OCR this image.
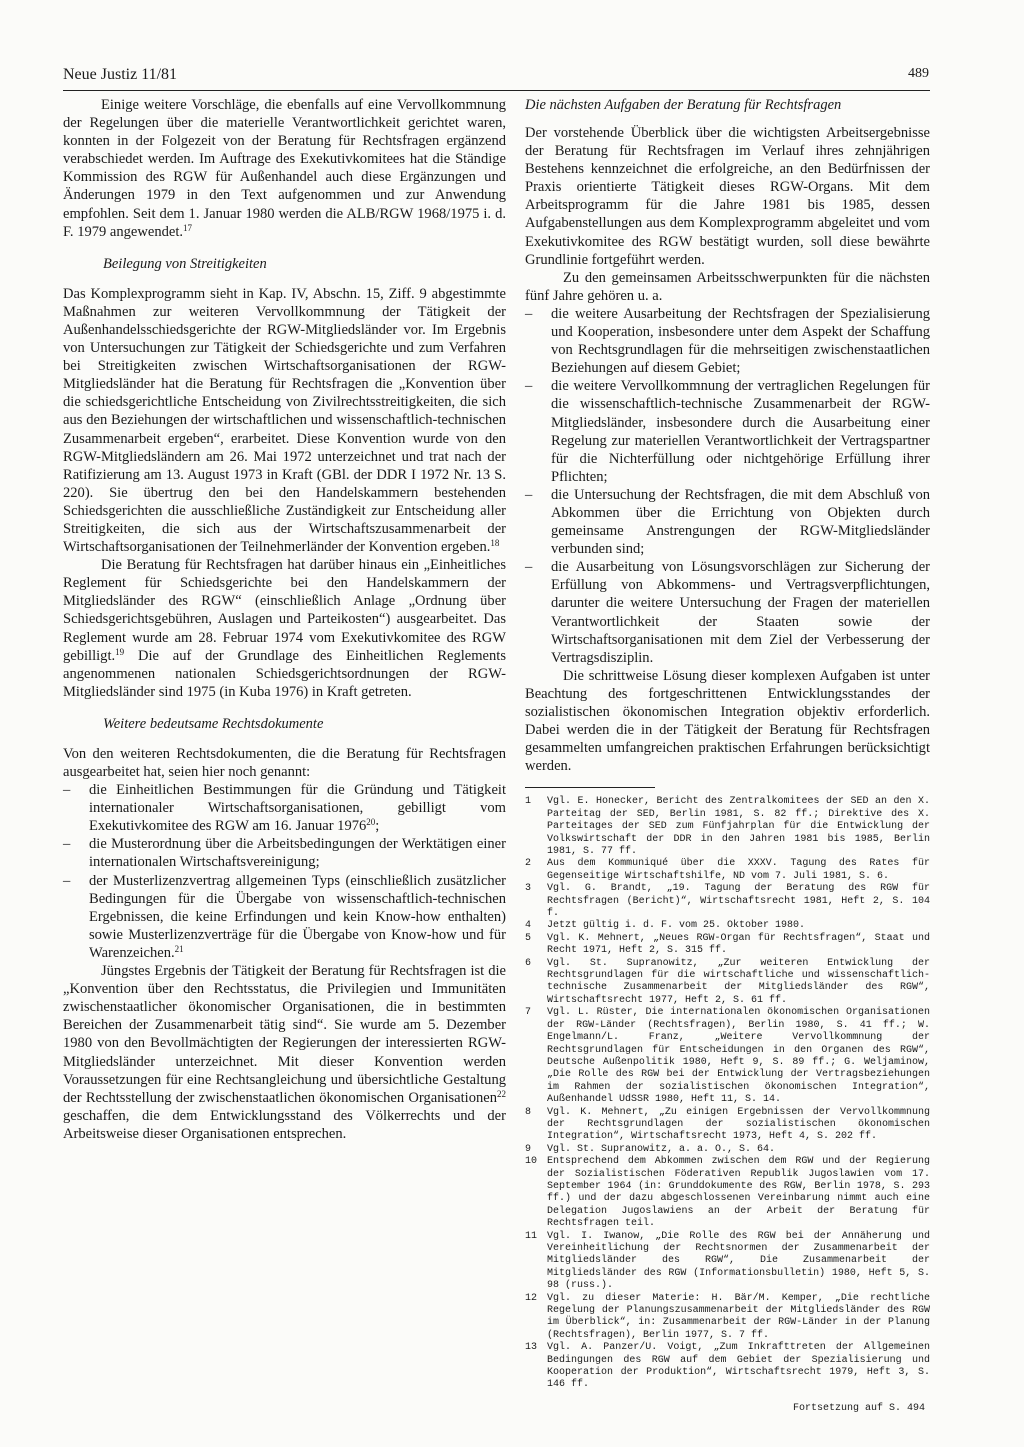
Neue Justiz 11/81	489

Einige weitere Vorschläge, die ebenfalls auf eine Vervollkommnung der Regelungen über die materielle Verantwortlichkeit gerichtet waren, konnten in der Folgezeit von der Beratung für Rechtsfragen ergänzend verabschiedet werden. Im Auftrage des Exekutivkomitees hat die Ständige Kommission des RGW für Außenhandel auch diese Ergänzungen und Änderungen 1979 in den Text aufgenommen und zur Anwendung empfohlen. Seit dem 1. Januar 1980 werden die ALB/RGW 1968/1975 i. d. F. 1979 angewendet.$^{17}$

Beilegung von Streitigkeiten

Das Komplexprogramm sieht in Kap. IV, Abschn. 15, Ziff. 9 abgestimmte Maßnahmen zur weiteren Vervollkommnung der Tätigkeit der Außenhandelsschiedsgerichte der RGW-Mitgliedsländer vor. Im Ergebnis von Untersuchungen zur Tätigkeit der Schiedsgerichte und zum Verfahren bei Streitigkeiten zwischen Wirtschaftsorganisationen der RGW-Mitgliedsländer hat die Beratung für Rechtsfragen die „Konvention über die schiedsgerichtliche Entscheidung von Zivilrechtsstreitigkeiten, die sich aus den Beziehungen der wirtschaftlichen und wissenschaftlich-technischen Zusammenarbeit ergeben“, erarbeitet. Diese Konvention wurde von den RGW-Mitgliedsländern am 26. Mai 1972 unterzeichnet und trat nach der Ratifizierung am 13. August 1973 in Kraft (GBl. der DDR I 1972 Nr. 13 S. 220). Sie übertrug den bei den Handelskammern bestehenden Schiedsgerichten die ausschließliche Zuständigkeit zur Entscheidung aller Streitigkeiten, die sich aus der Wirtschaftszusammenarbeit der Wirtschaftsorganisationen der Teilnehmerländer der Konvention ergeben.$^{18}$

Die Beratung für Rechtsfragen hat darüber hinaus ein „Einheitliches Reglement für Schiedsgerichte bei den Handelskammern der Mitgliedsländer des RGW“ (einschließlich Anlage „Ordnung über Schiedsgerichtsgebühren, Auslagen und Parteikosten“) ausgearbeitet. Das Reglement wurde am 28. Februar 1974 vom Exekutivkomitee des RGW gebilligt.$^{19}$ Die auf der Grundlage des Einheitlichen Reglements angenommenen nationalen Schiedsgerichtsordnungen der RGW-Mitgliedsländer sind 1975 (in Kuba 1976) in Kraft getreten.

Weitere bedeutsame Rechtsdokumente

Von den weiteren Rechtsdokumenten, die die Beratung für Rechtsfragen ausgearbeitet hat, seien hier noch genannt:

– die Einheitlichen Bestimmungen für die Gründung und Tätigkeit internationaler Wirtschaftsorganisationen, gebilligt vom Exekutivkomitee des RGW am 16. Januar 1976$^{20}$;
– die Musterordnung über die Arbeitsbedingungen der Werktätigen einer internationalen Wirtschaftsvereinigung;
– der Musterlizenzvertrag allgemeinen Typs (einschließlich zusätzlicher Bedingungen für die Übergabe von wissenschaftlich-technischen Ergebnissen, die keine Erfindungen und kein Know-how enthalten) sowie Musterlizenzverträge für die Übergabe von Know-how und für Warenzeichen.$^{21}$

Jüngstes Ergebnis der Tätigkeit der Beratung für Rechtsfragen ist die „Konvention über den Rechtsstatus, die Privilegien und Immunitäten zwischenstaatlicher ökonomischer Organisationen, die in bestimmten Bereichen der Zusammenarbeit tätig sind“. Sie wurde am 5. Dezember 1980 von den Bevollmächtigten der Regierungen der interessierten RGW-Mitgliedsländer unterzeichnet. Mit dieser Konvention werden Voraussetzungen für eine Rechtsangleichung und übersichtliche Gestaltung der Rechtsstellung der zwischenstaatlichen ökonomischen Organisationen$^{22}$ geschaffen, die dem Entwicklungsstand des Völkerrechts und der Arbeitsweise dieser Organisationen entsprechen.

Die nächsten Aufgaben der Beratung für Rechtsfragen

Der vorstehende Überblick über die wichtigsten Arbeitsergebnisse der Beratung für Rechtsfragen im Verlauf ihres zehnjährigen Bestehens kennzeichnet die erfolgreiche, an den Bedürfnissen der Praxis orientierte Tätigkeit dieses RGW-Organs. Mit dem Arbeitsprogramm für die Jahre 1981 bis 1985, dessen Aufgabenstellungen aus dem Komplexprogramm abgeleitet und vom Exekutivkomitee des RGW bestätigt wurden, soll diese bewährte Grundlinie fortgeführt werden.

Zu den gemeinsamen Arbeitsschwerpunkten für die nächsten fünf Jahre gehören u. a.

– die weitere Ausarbeitung der Rechtsfragen der Spezialisierung und Kooperation, insbesondere unter dem Aspekt der Schaffung von Rechtsgrundlagen für die mehrseitigen zwischenstaatlichen Beziehungen auf diesem Gebiet;
– die weitere Vervollkommnung der vertraglichen Regelungen für die wissenschaftlich-technische Zusammenarbeit der RGW-Mitgliedsländer, insbesondere durch die Ausarbeitung einer Regelung zur materiellen Verantwortlichkeit der Vertragspartner für die Nichterfüllung oder nichtgehörige Erfüllung ihrer Pflichten;
– die Untersuchung der Rechtsfragen, die mit dem Abschluß von Abkommen über die Errichtung von Objekten durch gemeinsame Anstrengungen der RGW-Mitgliedsländer verbunden sind;
– die Ausarbeitung von Lösungsvorschlägen zur Sicherung der Erfüllung von Abkommens- und Vertragsverpflichtungen, darunter die weitere Untersuchung der Fragen der materiellen Verantwortlichkeit der Staaten sowie der Wirtschaftsorganisationen mit dem Ziel der Verbesserung der Vertragsdisziplin.

Die schrittweise Lösung dieser komplexen Aufgaben ist unter Beachtung des fortgeschrittenen Entwicklungsstandes der sozialistischen ökonomischen Integration objektiv erforderlich. Dabei werden die in der Tätigkeit der Beratung für Rechtsfragen gesammelten umfangreichen praktischen Erfahrungen berücksichtigt werden.

1 Vgl. E. Honecker, Bericht des Zentralkomitees der SED an den X. Parteitag der SED, Berlin 1981, S. 82 ff.; Direktive des X. Parteitages der SED zum Fünfjahrplan für die Entwicklung der Volkswirtschaft der DDR in den Jahren 1981 bis 1985, Berlin 1981, S. 77 ff.
2 Aus dem Kommuniqué über die XXXV. Tagung des Rates für Gegenseitige Wirtschaftshilfe, ND vom 7. Juli 1981, S. 6.
3 Vgl. G. Brandt, „19. Tagung der Beratung des RGW für Rechtsfragen (Bericht)“, Wirtschaftsrecht 1981, Heft 2, S. 104 f.
4 Jetzt gültig i. d. F. vom 25. Oktober 1980.
5 Vgl. K. Mehnert, „Neues RGW-Organ für Rechtsfragen“, Staat und Recht 1971, Heft 2, S. 315 ff.
6 Vgl. St. Supranowitz, „Zur weiteren Entwicklung der Rechtsgrundlagen für die wirtschaftliche und wissenschaftlich-technische Zusammenarbeit der Mitgliedsländer des RGW“, Wirtschaftsrecht 1977, Heft 2, S. 61 ff.
7 Vgl. L. Rüster, Die internationalen ökonomischen Organisationen der RGW-Länder (Rechtsfragen), Berlin 1980, S. 41 ff.; W. Engelmann/L. Franz, „Weitere Vervollkommnung der Rechtsgrundlagen für Entscheidungen in den Organen des RGW“, Deutsche Außenpolitik 1980, Heft 9, S. 89 ff.; G. Weljaminow, „Die Rolle des RGW bei der Entwicklung der Vertragsbeziehungen im Rahmen der sozialistischen ökonomischen Integration“, Außenhandel UdSSR 1980, Heft 11, S. 14.
8 Vgl. K. Mehnert, „Zu einigen Ergebnissen der Vervollkommnung der Rechtsgrundlagen der sozialistischen ökonomischen Integration“, Wirtschaftsrecht 1973, Heft 4, S. 202 ff.
9 Vgl. St. Supranowitz, a. a. O., S. 64.
10 Entsprechend dem Abkommen zwischen dem RGW und der Regierung der Sozialistischen Föderativen Republik Jugoslawien vom 17. September 1964 (in: Grunddokumente des RGW, Berlin 1978, S. 293 ff.) und der dazu abgeschlossenen Vereinbarung nimmt auch eine Delegation Jugoslawiens an der Arbeit der Beratung für Rechtsfragen teil.
11 Vgl. I. Iwanow, „Die Rolle des RGW bei der Annäherung und Vereinheitlichung der Rechtsnormen der Zusammenarbeit der Mitgliedsländer des RGW“, Die Zusammenarbeit der Mitgliedsländer des RGW (Informationsbulletin) 1980, Heft 5, S. 98 (russ.).
12 Vgl. zu dieser Materie: H. Bär/M. Kemper, „Die rechtliche Regelung der Planungszusammenarbeit der Mitgliedsländer des RGW im Überblick“, in: Zusammenarbeit der RGW-Länder in der Planung (Rechtsfragen), Berlin 1977, S. 7 ff.
13 Vgl. A. Panzer/U. Voigt, „Zum Inkrafttreten der Allgemeinen Bedingungen des RGW auf dem Gebiet der Spezialisierung und Kooperation der Produktion“, Wirtschaftsrecht 1979, Heft 3, S. 146 ff.
Fortsetzung auf S. 494
